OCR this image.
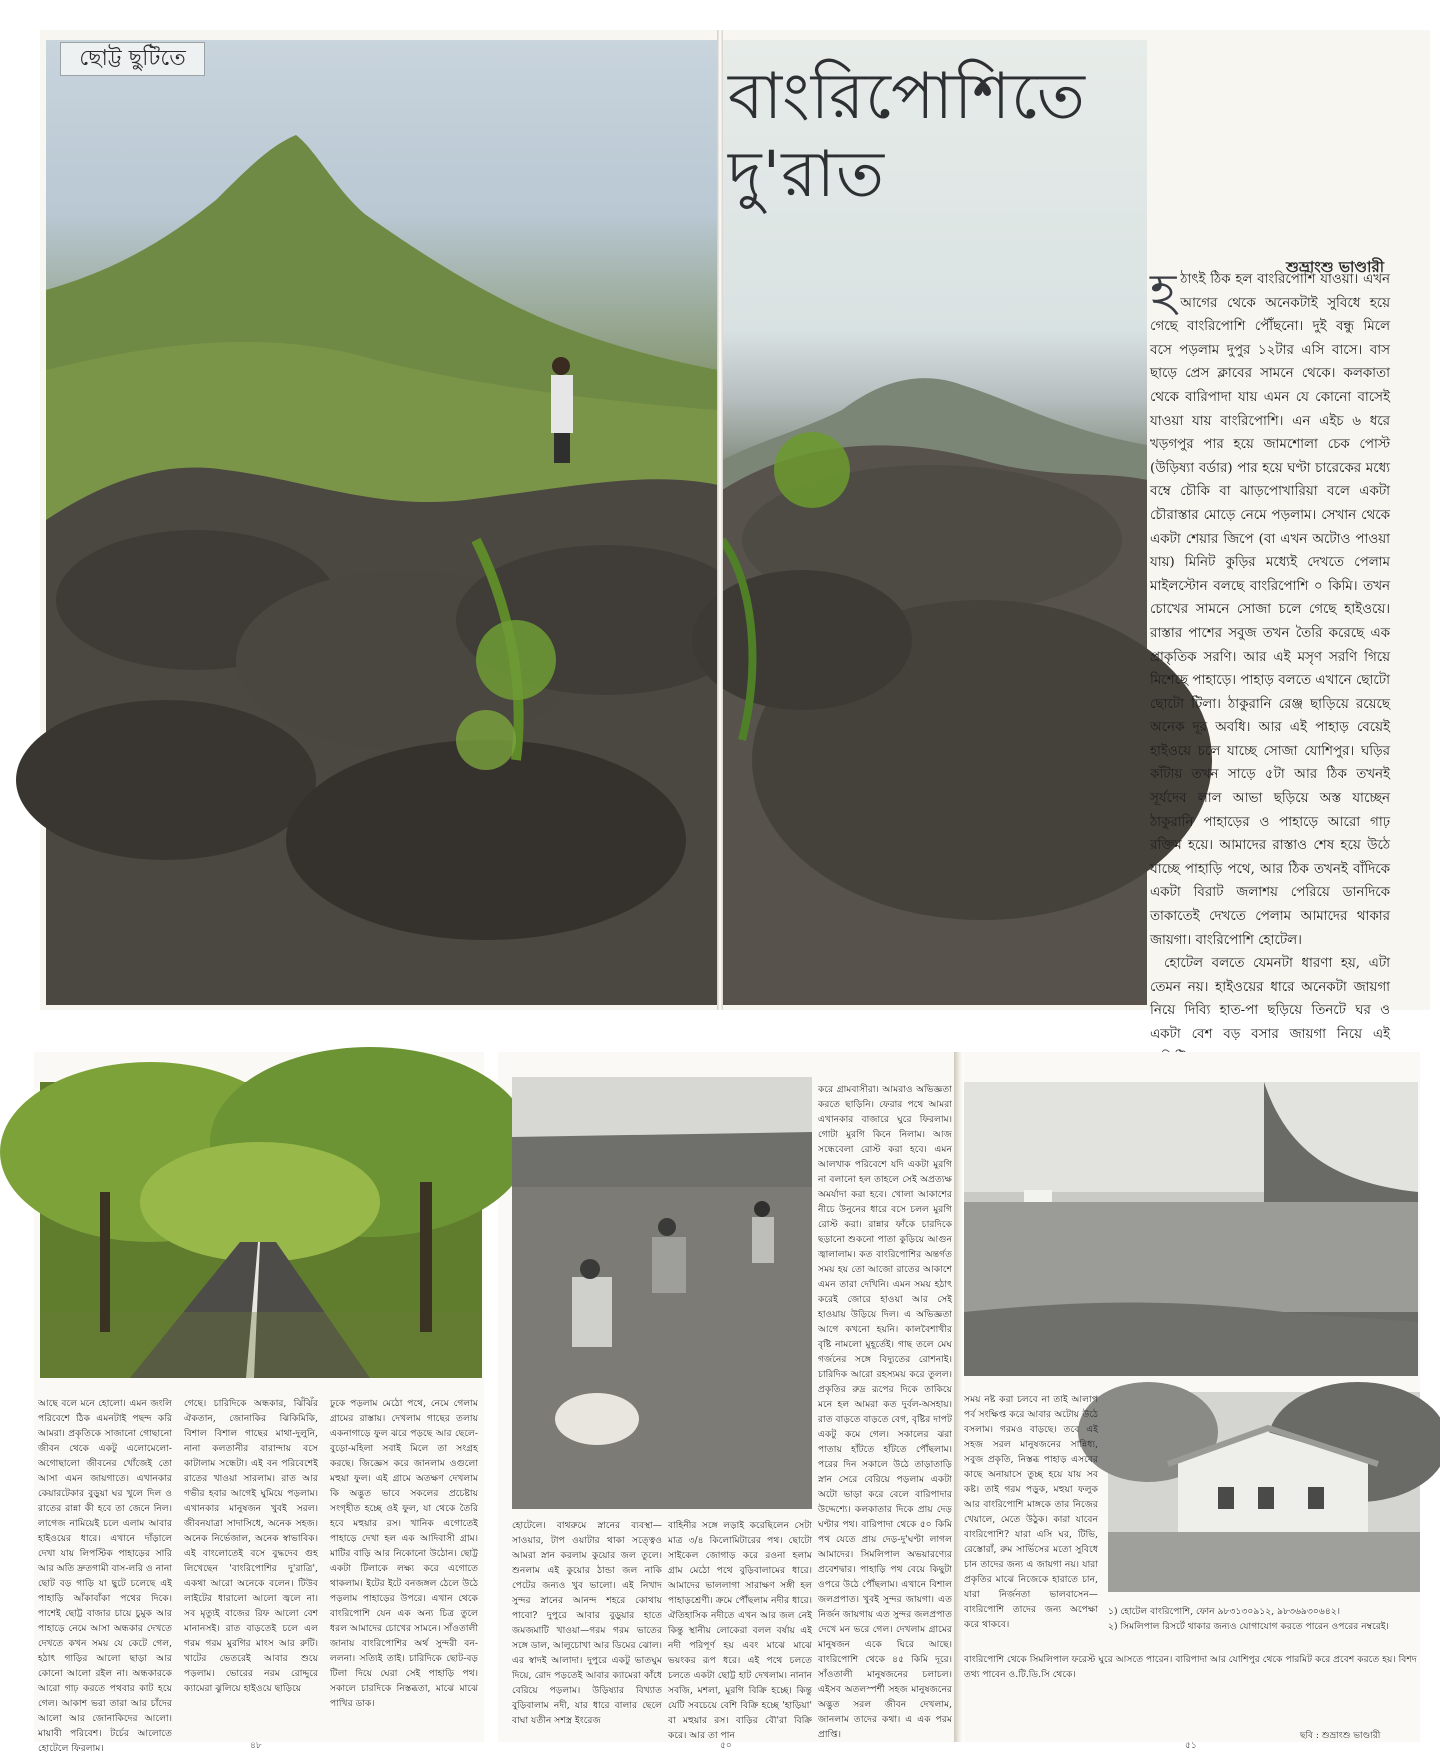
ছোট্ট ছুটিতে
বাংরিপোশিতে
দু'রাত
শুভ্রাংশু ভাণ্ডারী
হ ঠাৎই ঠিক হল বাংরিপোশি যাওয়া। এখন আগের থেকে অনেকটাই সুবিধে হয়ে গেছে বাংরিপোশি পৌঁছনো। দুই বন্ধু মিলে বসে পড়লাম দুপুর ১২টার এসি বাসে। বাস ছাড়ে প্রেস ক্লাবের সামনে থেকে। কলকাতা থেকে বারিপাদা যায় এমন যে কোনো বাসেই যাওয়া যায় বাংরিপোশি। এন এইচ ৬ ধরে খড়গপুর পার হয়ে জামশোলা চেক পোস্ট (উড়িষ্যা বর্ডার) পার হয়ে ঘণ্টা চারেকের মধ্যে বম্বে চৌকি বা ঝাড়পোখারিয়া বলে একটা চৌরাস্তার মোড়ে নেমে পড়লাম। সেখান থেকে একটা শেয়ার জিপে (বা এখন অটোও পাওয়া যায়) মিনিট কুড়ির মধ্যেই দেখতে পেলাম মাইলস্টোন বলছে বাংরিপোশি ০ কিমি। তখন চোখের সামনে সোজা চলে গেছে হাইওয়ে। রাস্তার পাশের সবুজ তখন তৈরি করেছে এক প্রাকৃতিক সরণি। আর এই মসৃণ সরণি গিয়ে মিশেছে পাহাড়ে। পাহাড় বলতে এখানে ছোটো ছোটো টিলা। ঠাকুরানি রেঞ্জ ছাড়িয়ে রয়েছে অনেক দূর অবধি। আর এই পাহাড় বেয়েই হাইওয়ে চলে যাচ্ছে সোজা যোশিপুর। ঘড়ির কাঁটায় তখন সাড়ে ৫টা আর ঠিক তখনই সূর্যদেব লাল আভা ছড়িয়ে অস্ত যাচ্ছেন ঠাকুরানি পাহাড়ের ও পাহাড়ে আরো গাঢ় রক্তিম হয়ে। আমাদের রাস্তাও শেষ হয়ে উঠে যাচ্ছে পাহাড়ি পথে, আর ঠিক তখনই বাঁদিকে একটা বিরাট জলাশয় পেরিয়ে ডানদিকে তাকাতেই দেখতে পেলাম আমাদের থাকার জায়গা। বাংরিপোশি হোটেল।

হোটেল বলতে যেমনটা ধারণা হয়, এটা তেমন নয়। হাইওয়ের ধারে অনেকটা জায়গা নিয়ে দিব্যি হাত-পা ছড়িয়ে তিনটে ঘর ও একটা বেশ বড় বসার জায়গা নিয়ে এই

আছে বলে মনে হোলো। এমন জংলি পরিবেশে ঠিক এমনটাই পছন্দ করি আমরা। প্রকৃতিকে সাজানো গোছানো জীবন থেকে একটু এলোমেলো-অগোছালো জীবনের খোঁজেই তো আসা এমন জায়গাতে। এখানকার কেয়ারটেকার বুড়ুয়া ঘর খুলে দিল ও রাতের রান্না কী হবে তা জেনে নিল। লাগেজ নামিয়েই চলে এলাম আবার হাইওয়ের ধারে। এখানে দাঁড়ালে দেখা যায় লিপস্টিক পাহাড়ের সারি আর অতি দ্রুতগামী বাস-লরি ও নানা ছোট বড় গাড়ি যা ছুটে চলেছে এই পাহাড়ি আঁকাবাঁকা পথের দিকে। পাশেই ছোট্ট বাজার চায়ে চুমুক আর পাহাড়ে নেমে আসা অন্ধকার দেখতে দেখতে কখন সময় যে কেটে গেল, হঠাৎ গাড়ির আলো ছাড়া আর কোনো আলো রইল না। অন্ধকারকে আরো গাঢ় করতে পথবার কাট হয়ে গেল। আকাশ ভরা তারা আর চাঁদের আলো আর জোনাকিদের আলো। মায়াবী পরিবেশ। টর্চের আলোতে হোটেলে ফিরলাম।
গেছে। চারিদিকে অন্ধকার, ঝিঁঝিঁর ঐকতান, জোনাকির ঝিকিমিকি, বিশাল বিশাল গাছের মাথা-দুলুনি, নানা কলতানীর বারান্দায় বসে কাটালাম সন্ধেটা। এই বন পরিবেশেই রাতের খাওয়া সারলাম। রাত আর গভীর হবার আগেই ঘুমিয়ে পড়লাম। এখানকার মানুষজন খুবই সরল। জীবনযাত্রা সাদাসিধে, অনেক সহজ। অনেক নির্ভেজাল, অনেক স্বাভাবিক। এই বাংলোতেই বসে বুদ্ধদেব গুহ লিখেছেন 'বাংরিপোশির দু'রাত্রি', একথা আরো অনেকে বলেন। টিউব লাইটের ধারালো আলো জ্বলে না। সব মৃত্যুই বাজের রিফ আলো বেশ মানানসই। রাত বাড়তেই চলে এল গরম গরম মুরগির মাংস আর রুটি। খাটের ভেতরেই আবার শুয়ে পড়লাম। ভোরের নরম রোদ্দুরে ক্যামেরা ঝুলিয়ে হাইওয়ে ছাড়িয়ে
ঢুকে পড়লাম মেঠো পথে, নেমে গেলাম গ্রামের রাস্তায়। দেখলাম গাছের তলায় একনাগাড়ে ফুল ঝরে পড়ছে আর ছেলে-বুড়ো-মহিলা সবাই মিলে তা সংগ্রহ করছে। জিজ্ঞেস করে জানলাম ওগুলো মহুয়া ফুল। এই গ্রামে অতক্ষণ দেখলাম কি অদ্ভুত ভাবে সকলের প্রচেষ্টায় সংগৃহীত হচ্ছে ওই ফুল, যা থেকে তৈরি হবে মহুয়ার রস। খানিক এগোতেই পাহাড়ে দেখা হল এক আদিবাসী গ্রাম। মাটির বাড়ি আর নিকোনো উঠোন। ছোট্ট একটা টিলাকে লক্ষ্য করে এগোতে থাকলাম। ইটের ইটে বনজঙ্গল ঠেলে উঠে পড়লাম পাহাড়ের উপরে। এখান থেকে বাংরিপোশি যেন এক অন্য চিত্র তুলে ধরল আমাদের চোখের সামনে। সাঁওতালী জানায় বাংরিপোশির অর্থ সুন্দরী বন-ললনা। সত্যিই তাই। চারিদিকে ছোট-বড় টিলা দিয়ে ঘেরা সেই পাহাড়ি পথ। সকালে চারদিকে নিস্তব্ধতা, মাঝে মাঝে পাখির ডাক।
করে গ্রামবাসীরা। আমরাও অভিজ্ঞতা করতে ছাড়িনি। ফেরার পথে আমরা এখানকার বাজারে ঘুরে ফিরলাম। গোটা মুরগি কিনে নিলাম। আজ সন্ধেবেলা রোস্ট করা হবে। এমন আলখাক পরিবেশে যদি একটা মুরগি না বলানো হল তাহলে সেই অপ্রত্যক্ষ অমর্যাদা করা হবে। খোলা আকাশের নীচে উনুনের ধারে বসে চলল মুরগি রোস্ট করা। রান্নার ফাঁকে চারদিকে ছড়ানো শুকনো পাতা কুড়িয়ে আগুন জ্বালালাম। কত বাংরিপোশির অন্তর্গত সময় হয় তো আজো রাতের আকাশে এমন তারা দেখিনি। এমন সময় হঠাৎ করেই জোরে হাওয়া আর সেই হাওয়ায় উড়িয়ে দিল। এ অভিজ্ঞতা আগে কখনো হয়নি। কালবৈশাখীর বৃষ্টি নামলো মুহূর্তেই। গাছ তলে মেঘ গর্জনের সঙ্গে বিদ্যুতের রোশনাই। চারিদিক আরো রহস্যময় করে তুলল। প্রকৃতির রুদ্র রূপের দিকে তাকিয়ে মনে হল আমরা কত দুর্বল-অসহায়। রাত বাড়তে বাড়তে বেগ, বৃষ্টির দাপট একটু কমে গেল। সকালের ঝরা পাতায় হাঁটতে হাঁটতে পৌঁছলাম। পরের দিন সকালে উঠে তাড়াতাড়ি স্নান সেরে বেরিয়ে পড়লাম একটা অটো ভাড়া করে বেলে বারিপাদার উদ্দেশ্যে। কলকাতার দিকে প্রায় দেড় ঘণ্টার পথ। বারিপাদা থেকে ৫০ কিমি পথ যেতে প্রায় দেড়-দু'ঘণ্টা লাগল আমাদের। সিমলিপাল অভয়ারণ্যের প্রবেশদ্বার। পাহাড়ি পথ বেয়ে কিছুটা ওপরে উঠে পৌঁছলাম। এখানে বিশাল জলপ্রপাত। খুবই সুন্দর জায়গা। এত নির্জন জায়গায় এত সুন্দর জলপ্রপাত দেখে মন ভরে গেল। দেখলাম গ্রামের মানুষজন একে ঘিরে আছে। বাংরিপোশি থেকে ৪৫ কিমি দূরে। সাঁওতালী মানুষজনের চলাচল। এইসব অতলস্পর্শী সহজ মানুষজনের অদ্ভুত সরল জীবন দেখলাম, জানলাম তাদের কথা। এ এক পরম প্রাপ্তি।
হোটেলে। বাথরুমে স্নানের ব্যবস্থা—সাওয়ার, টাপ ওয়াটার থাকা সত্ত্বেও আমরা স্নান করলাম কুয়োর জল তুলে। শুনলাম এই কুয়োর ঠান্ডা জল নাকি পেটের জন্যও খুব ভালো। এই নিখাদ সুন্দর স্নানের আনন্দ শহরে কোথায় পাবো? দুপুরে আবার বুড়ুয়ার হাতে জমজমাটি খাওয়া—গরম গরম ভাতের সঙ্গে ডাল, আলুচোখা আর ডিমের ঝোল। এর স্বাদই আলাদা। দুপুরে একটু ভাতঘুম দিয়ে, রোদ পড়তেই আবার ক্যামেরা কাঁধে বেরিয়ে পড়লাম। উড়িষ্যার বিখ্যাত বুড়িবালাম নদী, যার ধারে বালার ছেলে বাঘা যতীন সশস্ত্র ইংরেজ
বাহিনীর সঙ্গে লড়াই করেছিলেন সেটা মাত্র ৩/৪ কিলোমিটারের পথ। ছোটো সাইকেল জোগাড় করে রওনা হলাম গ্রাম মেঠো পথে বুড়িবালামের ধারে। আমাদের ভাললাগা সারাক্ষণ সঙ্গী হল পাহাড়শ্রেণী। ক্রমে পৌঁছলাম নদীর ধারে। ঐতিহাসিক নদীতে এখন আর জল নেই কিন্তু স্থানীয় লোকেরা বলল বর্ষায় এই নদী পরিপূর্ণ হয় এবং মাঝে মাঝে ভয়ংকর রূপ ধরে। এই পথে চলতে চলতে একটা ছোট্ট হাট দেখলাম। নানান সবজি, মশলা, মুরগি বিক্রি হচ্ছে। কিন্তু যেটি সবচেয়ে বেশি বিক্রি হচ্ছে 'হাড়িয়া' বা মহুয়ার রস। বাড়ির বৌ'রা বিক্রি করে। আর তা পান
সময় নষ্ট করা চলবে না তাই আলাপ পর্ব সংক্ষিপ্ত করে আবার অটোয় উঠে বসলাম। গরমও বাড়ছে। তবে এই সহজ সরল মানুষজনের সান্নিধ্য, সবুজ প্রকৃতি, নিস্তব্ধ পাহাড় এসবের কাছে অনায়াসে তুচ্ছ হয়ে যায় সব কষ্ট। তাই গরম পড়ুক, মহুয়া ফলুক আর বাংরিপোশি মাঙ্গকে তার নিজের খেয়ালে, মেতে উঠুক। কারা যাবেন বাংরিপোশি? যারা এসি ঘর, টিভি, রেস্তোরাঁ, রুম সার্ভিসের মতো সুবিধে চান তাদের জন্য এ জায়গা নয়। যারা প্রকৃতির মাঝে নিজেকে হারাতে চান, যারা নির্জনতা ভালবাসেন—বাংরিপোশি তাদের জন্য অপেক্ষা করে থাকবে।
১) হোটেল বাংরিপোশি, ফোন ৯৮৩১৩০৯১২, ৯৮৩৬৯৩০৬৪২।
২) সিমলিপাল রিসর্টে থাকার জন্যও যোগাযোগ করতে পারেন ওপরের নম্বরেই।
বাংরিপোশি থেকে সিমলিপাল ফরেস্ট ঘুরে আসতে পারেন। বারিপাদা আর যোশিপুর থেকে পারমিট করে প্রবেশ করতে হয়। বিশদ তথ্য পাবেন ও.টি.ডি.সি থেকে।
ছবি : শুভ্রাংশু ভাণ্ডারী
৪৮	৫০	৫১
